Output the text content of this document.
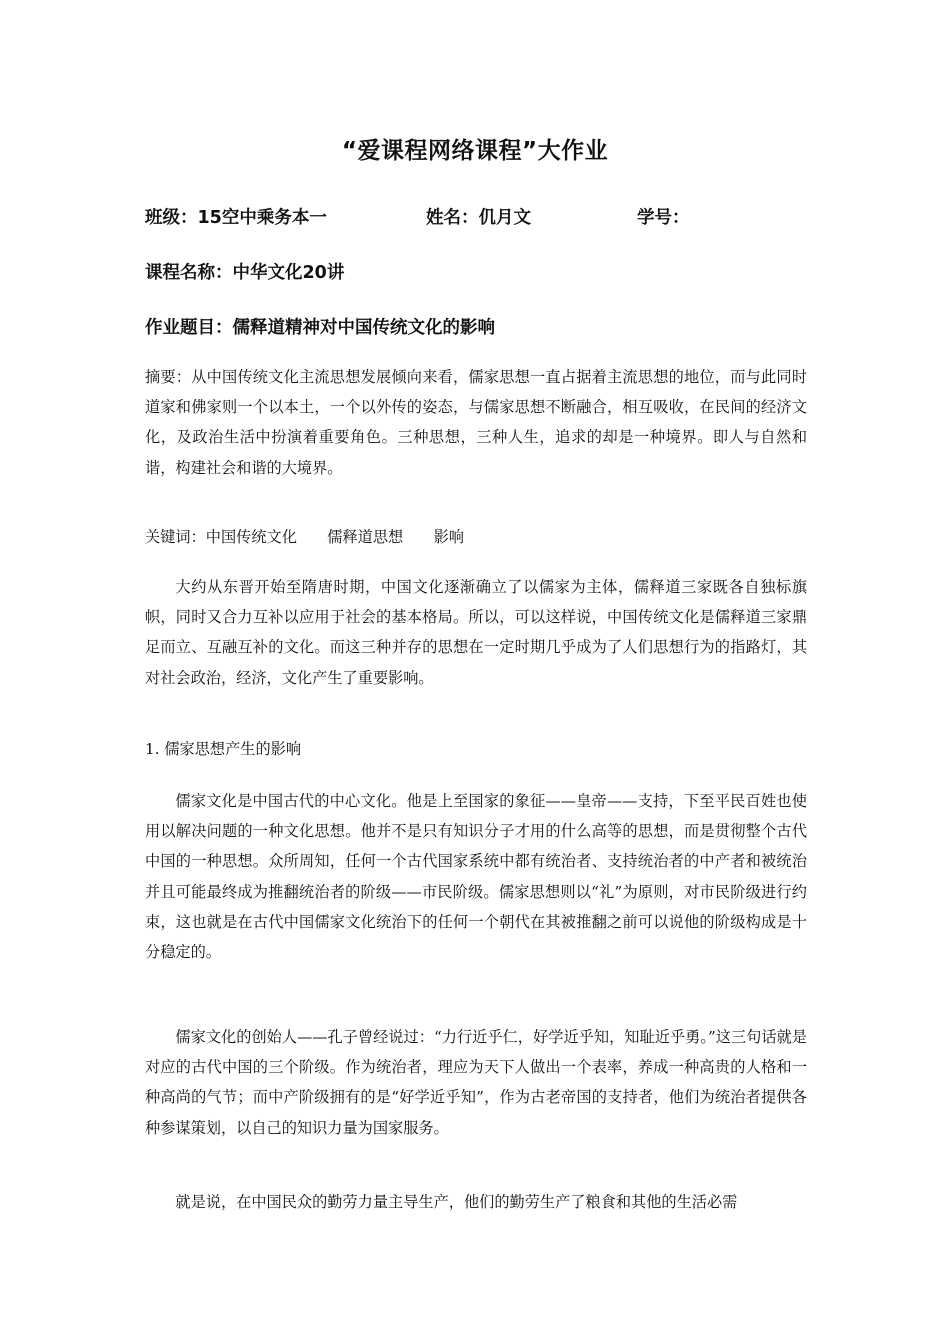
“爱课程网络课程”大作业
班级：15空中乘务本一	姓名：仉月文	学号：

课程名称：中华文化20讲

作业题目：儒释道精神对中国传统文化的影响

摘要：从中国传统文化主流思想发展倾向来看，儒家思想一直占据着主流思想的地位，而与此同时道家和佛家则一个以本土，一个以外传的姿态，与儒家思想不断融合，相互吸收，在民间的经济文化，及政治生活中扮演着重要角色。三种思想，三种人生，追求的却是一种境界。即人与自然和谐，构建社会和谐的大境界。

关键词：中国传统文化　　儒释道思想　　影响

大约从东晋开始至隋唐时期，中国文化逐渐确立了以儒家为主体，儒释道三家既各自独标旗帜，同时又合力互补以应用于社会的基本格局。所以，可以这样说，中国传统文化是儒释道三家鼎足而立、互融互补的文化。而这三种并存的思想在一定时期几乎成为了人们思想行为的指路灯，其对社会政治，经济，文化产生了重要影响。

1. 儒家思想产生的影响

儒家文化是中国古代的中心文化。他是上至国家的象征——皇帝——支持，下至平民百姓也使用以解决问题的一种文化思想。他并不是只有知识分子才用的什么高等的思想，而是贯彻整个古代中国的一种思想。众所周知，任何一个古代国家系统中都有统治者、支持统治者的中产者和被统治并且可能最终成为推翻统治者的阶级——市民阶级。儒家思想则以“礼”为原则，对市民阶级进行约束，这也就是在古代中国儒家文化统治下的任何一个朝代在其被推翻之前可以说他的阶级构成是十分稳定的。

儒家文化的创始人——孔子曾经说过：“力行近乎仁，好学近乎知，知耻近乎勇。”这三句话就是对应的古代中国的三个阶级。作为统治者，理应为天下人做出一个表率，养成一种高贵的人格和一种高尚的气节；而中产阶级拥有的是“好学近乎知”，作为古老帝国的支持者，他们为统治者提供各种参谋策划，以自己的知识力量为国家服务。

就是说，在中国民众的勤劳力量主导生产，他们的勤劳生产了粮食和其他的生活必需
